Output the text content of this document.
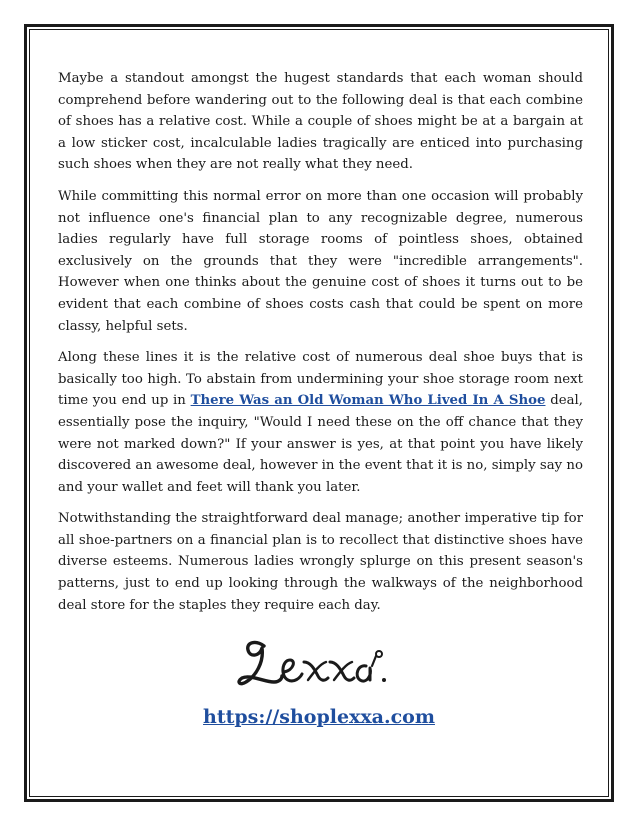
Maybe a standout amongst the hugest standards that each woman should comprehend before wandering out to the following deal is that each combine of shoes has a relative cost. While a couple of shoes might be at a bargain at a low sticker cost, incalculable ladies tragically are enticed into purchasing such shoes when they are not really what they need.

While committing this normal error on more than one occasion will probably not influence one's financial plan to any recognizable degree, numerous ladies regularly have full storage rooms of pointless shoes, obtained exclusively on the grounds that they were "incredible arrangements". However when one thinks about the genuine cost of shoes it turns out to be evident that each combine of shoes costs cash that could be spent on more classy, helpful sets.

Along these lines it is the relative cost of numerous deal shoe buys that is basically too high. To abstain from undermining your shoe storage room next time you end up in There Was an Old Woman Who Lived In A Shoe deal, essentially pose the inquiry, "Would I need these on the off chance that they were not marked down?" If your answer is yes, at that point you have likely discovered an awesome deal, however in the event that it is no, simply say no and your wallet and feet will thank you later.

Notwithstanding the straightforward deal manage; another imperative tip for all shoe-partners on a financial plan is to recollect that distinctive shoes have diverse esteems. Numerous ladies wrongly splurge on this present season's patterns, just to end up looking through the walkways of the neighborhood deal store for the staples they require each day.

https://shoplexxa.com
